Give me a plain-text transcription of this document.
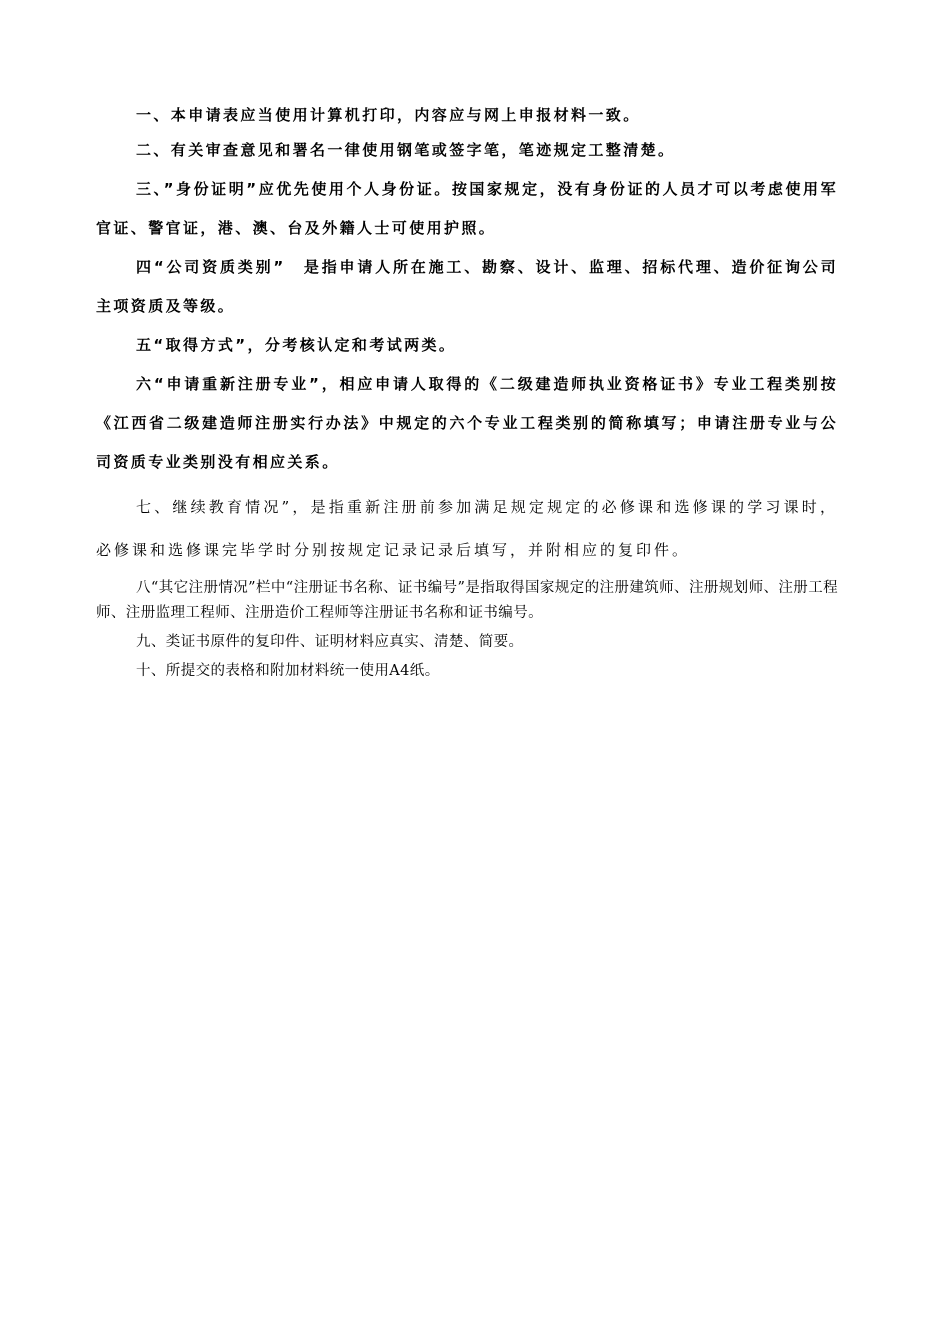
一、本申请表应当使用计算机打印，内容应与网上申报材料一致。

二、有关审查意见和署名一律使用钢笔或签字笔，笔迹规定工整清楚。

三、”身份证明”应优先使用个人身份证。按国家规定，没有身份证的人员才可以考虑使用军官证、警官证，港、澳、台及外籍人士可使用护照。

四“公司资质类别”　是指申请人所在施工、勘察、设计、监理、招标代理、造价征询公司主项资质及等级。

五“取得方式”，分考核认定和考试两类。

六“申请重新注册专业”，相应申请人取得的《二级建造师执业资格证书》专业工程类别按《江西省二级建造师注册实行办法》中规定的六个专业工程类别的简称填写；申请注册专业与公司资质专业类别没有相应关系。

七、继续教育情况”，是指重新注册前参加满足规定规定的必修课和选修课的学习课时，必修课和选修课完毕学时分别按规定记录记录后填写，并附相应的复印件。

八“其它注册情况”栏中“注册证书名称、证书编号”是指取得国家规定的注册建筑师、注册规划师、注册工程师、注册监理工程师、注册造价工程师等注册证书名称和证书编号。

九、类证书原件的复印件、证明材料应真实、清楚、简要。

十、所提交的表格和附加材料统一使用A4纸。
